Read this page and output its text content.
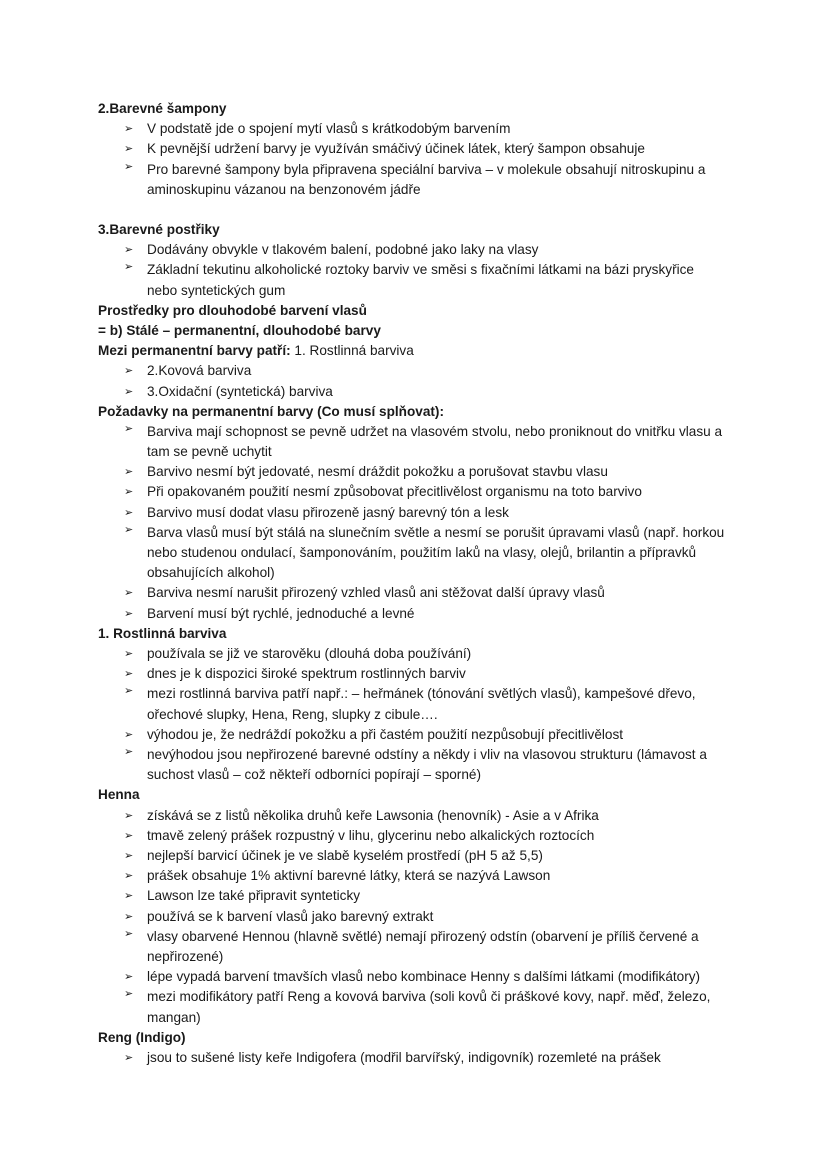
2.Barevné šampony
➢ V podstatě jde o spojení mytí vlasů s krátkodobým barvením
➢ K pevnější udržení barvy je využíván smáčivý účinek látek, který šampon obsahuje
➢ Pro barevné šampony byla připravena speciální barviva – v molekule obsahují nitroskupinu a aminoskupinu vázanou na benzonovém jádře
3.Barevné postřiky
➢ Dodávány obvykle v tlakovém balení, podobné jako laky na vlasy
➢ Základní tekutinu alkoholické roztoky barviv ve směsi s fixačními látkami na bázi pryskyřice nebo syntetických gum
Prostředky pro dlouhodobé barvení vlasů
= b) Stálé – permanentní, dlouhodobé barvy
Mezi permanentní barvy patří: 1. Rostlinná barviva
➢ 2.Kovová barviva
➢ 3.Oxidační (syntetická) barviva
Požadavky na permanentní barvy (Co musí splňovat):
➢ Barviva mají schopnost se pevně udržet na vlasovém stvolu, nebo proniknout do vnitřku vlasu a tam se pevně uchytit
➢ Barvivo nesmí být jedovaté, nesmí dráždit pokožku a porušovat stavbu vlasu
➢ Při opakovaném použití nesmí způsobovat přecitlivělost organismu na toto barvivo
➢ Barvivo musí dodat vlasu přirozeně jasný barevný tón a lesk
➢ Barva vlasů musí být stálá na slunečním světle a nesmí se porušit úpravami vlasů (např. horkou nebo studenou ondulací, šamponováním, použitím laků na vlasy, olejů, brilantin a přípravků obsahujících alkohol)
➢ Barviva nesmí narušit přirozený vzhled vlasů ani stěžovat další úpravy vlasů
➢ Barvení musí být rychlé, jednoduché a levné
1. Rostlinná barviva
➢ používala se již ve starověku (dlouhá doba používání)
➢ dnes je k dispozici široké spektrum rostlinných barviv
➢ mezi rostlinná barviva patří např.: – heřmánek (tónování světlých vlasů), kampešové dřevo, ořechové slupky, Hena, Reng, slupky z cibule….
➢ výhodou je, že nedráždí pokožku a při častém použití nezpůsobují přecitlivělost
➢ nevýhodou jsou nepřirozené barevné odstíny a někdy i vliv na vlasovou strukturu (lámavost a suchost vlasů – což někteří odborníci popírají – sporné)
Henna
➢ získává se z listů několika druhů keře Lawsonia (henovník) - Asie a v Afrika
➢ tmavě zelený prášek rozpustný v lihu, glycerinu nebo alkalických roztocích
➢ nejlepší barvicí účinek je ve slabě kyselém prostředí (pH 5 až 5,5)
➢ prášek obsahuje 1% aktivní barevné látky, která se nazývá Lawson
➢ Lawson lze také připravit synteticky
➢ používá se k barvení vlasů jako barevný extrakt
➢ vlasy obarvené Hennou (hlavně světlé) nemají přirozený odstín (obarvení je příliš červené a nepřirozené)
➢ lépe vypadá barvení tmavších vlasů nebo kombinace Henny s dalšími látkami (modifikátory)
➢ mezi modifikátory patří Reng a kovová barviva (soli kovů či práškové kovy, např. měď, železo, mangan)
Reng (Indigo)
➢ jsou to sušené listy keře Indigofera (modřil barvířský, indigovník) rozemleté na prášek
